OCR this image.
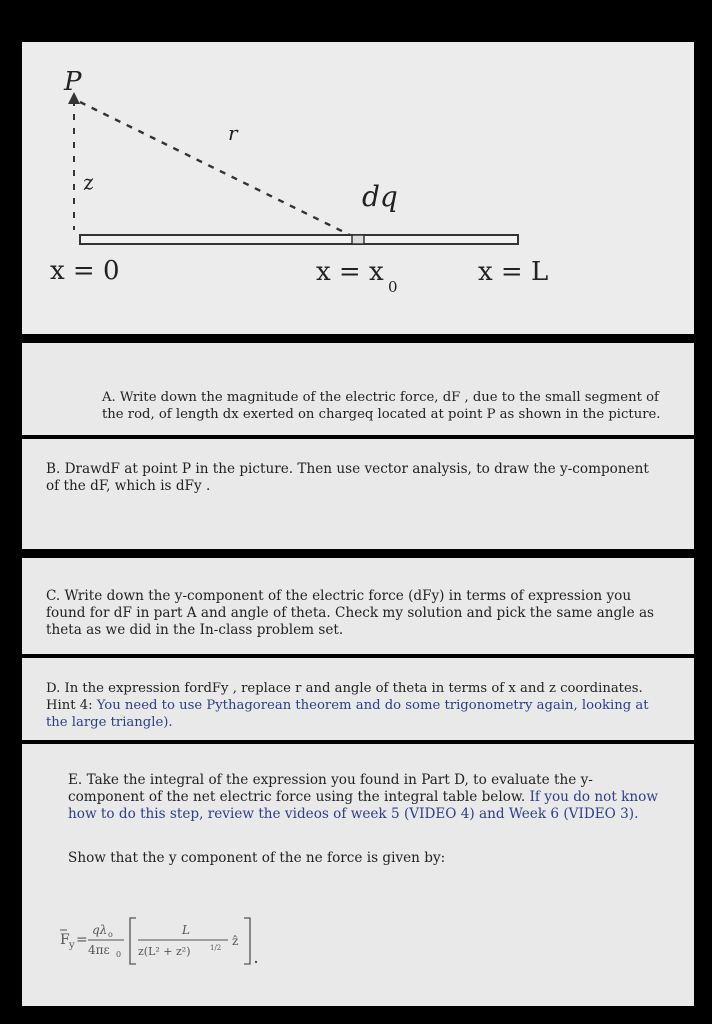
P
r
z	dq
x = 0	x = x 0	x = L
A. Write down the magnitude of the electric force, dF , due to the small segment of the rod, of length dx exerted on chargeq located at point P as shown in the picture.
B. DrawdF at point P in the picture. Then use vector analysis, to draw the y-component of the dF, which is dFy .
C. Write down the y-component of the electric force (dFy) in terms of expression you found for dF in part A and angle of theta. Check my solution and pick the same angle as theta as we did in the In-class problem set.
D. In the expression fordFy , replace r and angle of theta in terms of x and z coordinates. Hint 4: You need to use Pythagorean theorem and do some trigonometry again, looking at the large triangle).
E. Take the integral of the expression you found in Part D, to evaluate the y-component of the net electric force using the integral table below. If you do not know how to do this step, review the videos of week 5 (VIDEO 4) and Week 6 (VIDEO 3).
Show that the y component of the ne force is given by:
F y =
qλ o
4πε 0
L
z(L² + z²)	1/2 ẑ
